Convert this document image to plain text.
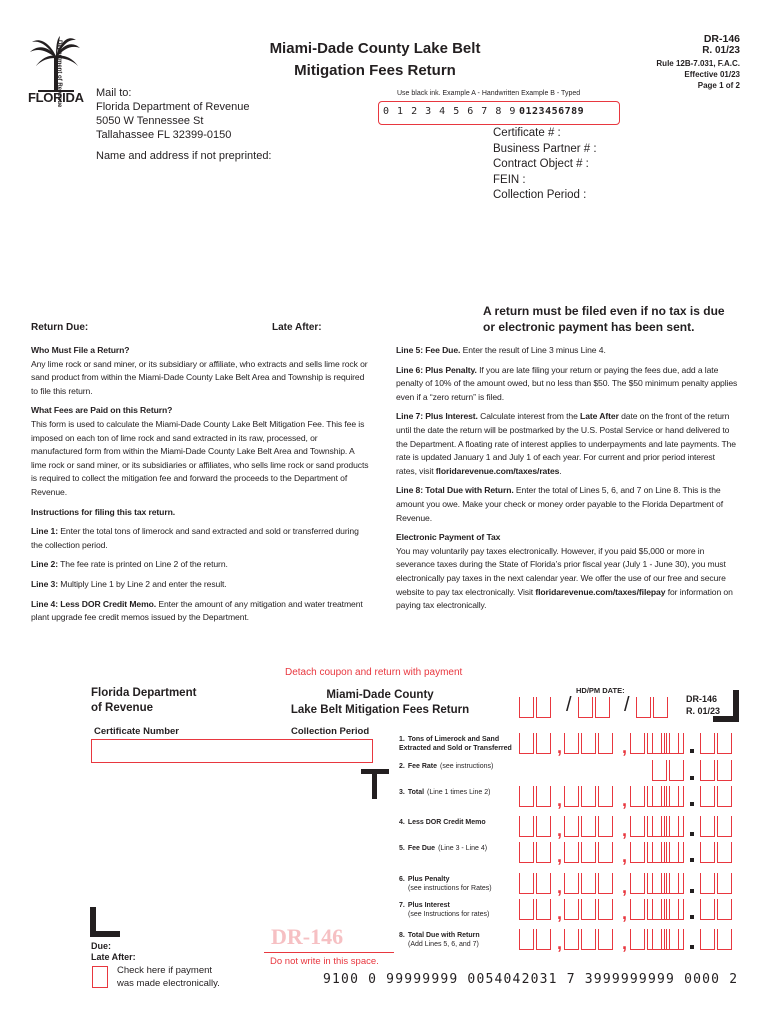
Department of Revenue
FLORIDA
Miami-Dade County Lake Belt
Mitigation Fees Return
DR-146
R. 01/23
Rule 12B-7.031, F.A.C.
Effective 01/23
Page 1 of 2
Mail to:
Florida Department of Revenue
5050 W Tennessee St
Tallahassee FL 32399-0150
Name and address if not preprinted:
Use black ink. Example A - Handwritten Example B - Typed
0 1 2 3 4 5 6 7 8 9 0123456789
Certificate # :
Business Partner # :
Contract Object # :
FEIN :
Collection Period :
Return Due:	Late After:
A return must be filed even if no tax is due
or electronic payment has been sent.

Who Must File a Return?
Any lime rock or sand miner, or its subsidiary or affiliate, who extracts and sells lime rock or sand product from within the Miami-Dade County Lake Belt Area and Township is required to file this return.

What Fees are Paid on this Return?
This form is used to calculate the Miami-Dade County Lake Belt Mitigation Fee. This fee is imposed on each ton of lime rock and sand extracted in its raw, processed, or manufactured form from within the Miami-Dade County Lake Belt Area and Township. A lime rock or sand miner, or its subsidiaries or affiliates, who sells lime rock or sand products is required to collect the mitigation fee and forward the proceeds to the Department of Revenue.

Instructions for filing this tax return.

Line 1: Enter the total tons of limerock and sand extracted and sold or transferred during the collection period.

Line 2: The fee rate is printed on Line 2 of the return.

Line 3: Multiply Line 1 by Line 2 and enter the result.

Line 4: Less DOR Credit Memo. Enter the amount of any mitigation and water treatment plant upgrade fee credit memos issued by the Department.

Line 5: Fee Due. Enter the result of Line 3 minus Line 4.

Line 6: Plus Penalty. If you are late filing your return or paying the fees due, add a late penalty of 10% of the amount owed, but no less than $50. The $50 minimum penalty applies even if a “zero return” is filed.

Line 7: Plus Interest. Calculate interest from the Late After date on the front of the return until the date the return will be postmarked by the U.S. Postal Service or hand delivered to the Department. A floating rate of interest applies to underpayments and late payments. The rate is updated January 1 and July 1 of each year. For current and prior period interest rates, visit floridarevenue.com/taxes/rates.

Line 8: Total Due with Return. Enter the total of Lines 5, 6, and 7 on Line 8. This is the amount you owe. Make your check or money order payable to the Florida Department of Revenue.

Electronic Payment of Tax
You may voluntarily pay taxes electronically. However, if you paid $5,000 or more in severance taxes during the State of Florida’s prior fiscal year (July 1 - June 30), you must electronically pay taxes in the next calendar year. We offer the use of our free and secure website to pay tax electronically. Visit floridarevenue.com/taxes/filepay for information on paying tax electronically.

Detach coupon and return with payment
Florida Department
of Revenue
Miami-Dade County
Lake Belt Mitigation Fees Return
HD/PM DATE:
DR-146
R. 01/23
/	/
Certificate Number	Collection Period
1. Tons of Limerock and Sand Extracted and Sold or Transferred	,	,
2. Fee Rate (see instructions)
3. Total (Line 1 times Line 2)	,	,
4. Less DOR Credit Memo	,	,
5. Fee Due (Line 3 - Line 4)	,	,
6. Plus Penalty
(see instructions for Rates)	,	,
7. Plus Interest
(see Instructions for rates)	,	,
8. Total Due with Return
(Add Lines 5, 6, and 7)	,	,
Due:
Late After:
Check here if payment
was made electronically.
DR-146
Do not write in this space.
9100 0 99999999 0054042031 7 3999999999 0000 2
